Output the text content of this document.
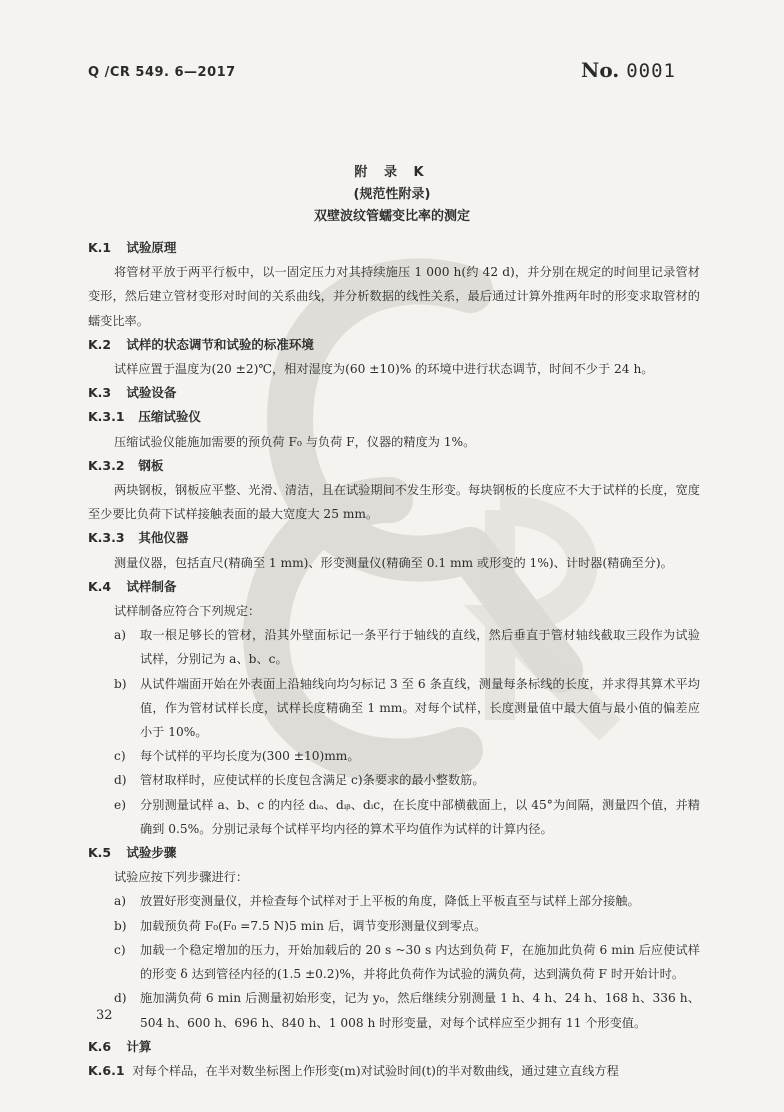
Q /CR 549. 6—2017	No. 0001
附 录 K
(规范性附录)
双壁波纹管蠕变比率的测定
K.1 试验原理
将管材平放于两平行板中，以一固定压力对其持续施压 1 000 h(约 42 d)，并分别在规定的时间里记录管材变形，然后建立管材变形对时间的关系曲线，并分析数据的线性关系，最后通过计算外推两年时的形变求取管材的蠕变比率。
K.2 试样的状态调节和试验的标准环境
试样应置于温度为(20 ±2)℃，相对湿度为(60 ±10)% 的环境中进行状态调节，时间不少于 24 h。
K.3 试验设备
K.3.1 压缩试验仪
压缩试验仪能施加需要的预负荷 F₀ 与负荷 F，仪器的精度为 1%。
K.3.2 钢板
两块钢板，钢板应平整、光滑、清洁，且在试验期间不发生形变。每块钢板的长度应不大于试样的长度，宽度至少要比负荷下试样接触表面的最大宽度大 25 mm。
K.3.3 其他仪器
测量仪器，包括直尺(精确至 1 mm)、形变测量仪(精确至 0.1 mm 或形变的 1%)、计时器(精确至分)。
K.4 试样制备
试样制备应符合下列规定：
a) 取一根足够长的管材，沿其外壁面标记一条平行于轴线的直线，然后垂直于管材轴线截取三段作为试验试样，分别记为 a、b、c。
b) 从试件端面开始在外表面上沿轴线向均匀标记 3 至 6 条直线，测量每条标线的长度，并求得其算术平均值，作为管材试样长度，试样长度精确至 1 mm。对每个试样，长度测量值中最大值与最小值的偏差应小于 10%。
c) 每个试样的平均长度为(300 ±10)mm。
d) 管材取样时，应使试样的长度包含满足 c)条要求的最小整数筋。
e) 分别测量试样 a、b、c 的内径 dᵢₐ、dᵢᵦ、dᵢc，在长度中部横截面上，以 45°为间隔，测量四个值，并精确到 0.5%。分别记录每个试样平均内径的算术平均值作为试样的计算内径。
K.5 试验步骤
试验应按下列步骤进行：
a) 放置好形变测量仪，并检查每个试样对于上平板的角度，降低上平板直至与试样上部分接触。
b) 加载预负荷 F₀(F₀ =7.5 N)5 min 后，调节变形测量仪到零点。
c) 加载一个稳定增加的压力，开始加载后的 20 s ~30 s 内达到负荷 F，在施加此负荷 6 min 后应使试样的形变 δ 达到管径内径的(1.5 ±0.2)%，并将此负荷作为试验的满负荷，达到满负荷 F 时开始计时。
d) 施加满负荷 6 min 后测量初始形变，记为 y₀，然后继续分别测量 1 h、4 h、24 h、168 h、336 h、504 h、600 h、696 h、840 h、1 008 h 时形变量，对每个试样应至少拥有 11 个形变值。
K.6 计算
K.6.1 对每个样品，在半对数坐标图上作形变(m)对试验时间(t)的半对数曲线，通过建立直线方程
32
